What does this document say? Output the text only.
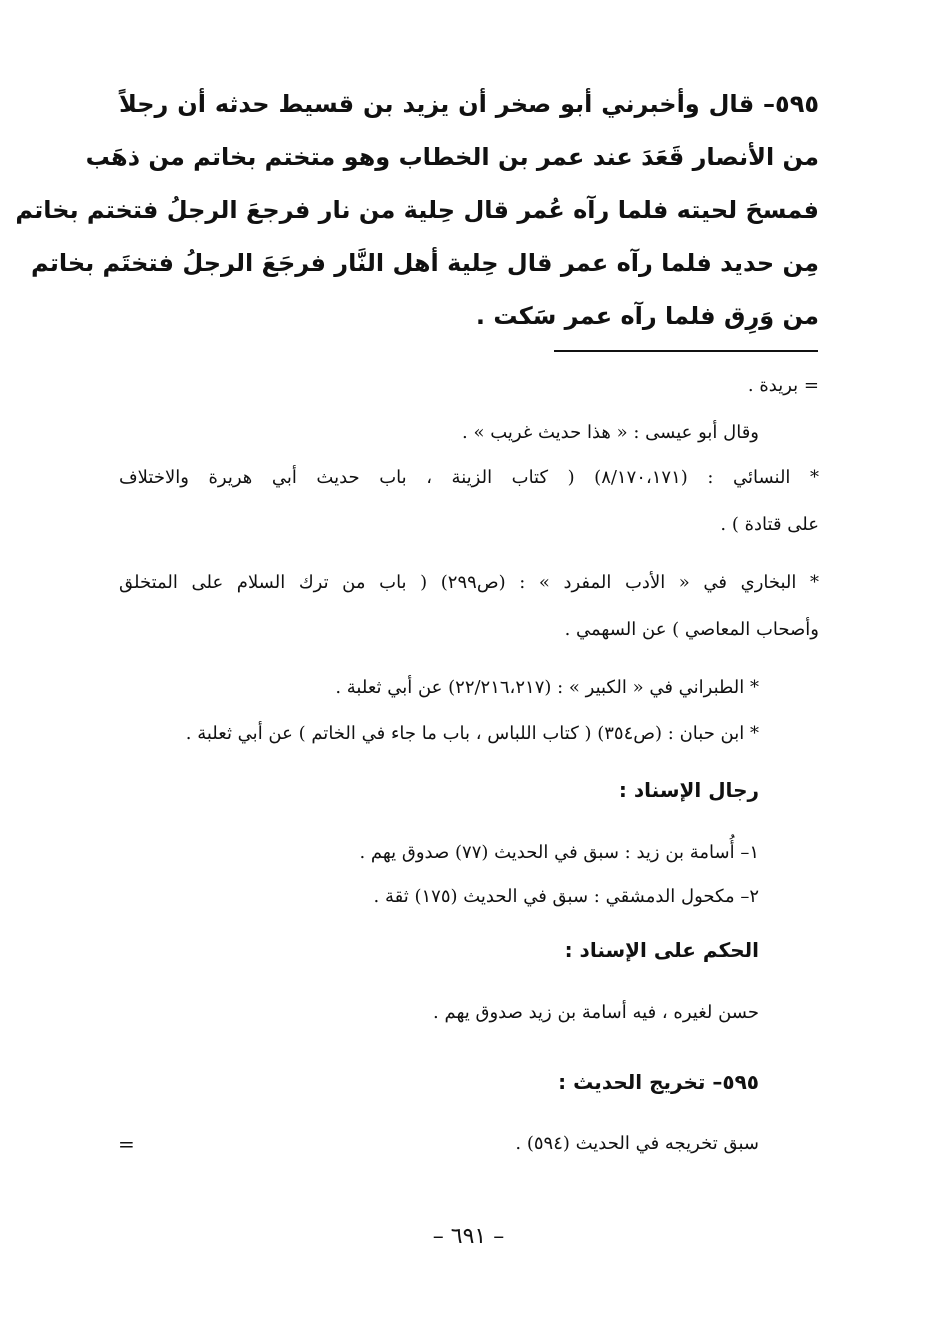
٥٩٥– قال وأخبرني أبو صخر أن يزيد بن قسيط حدثه أن رجلاً
من الأنصار قَعَدَ عند عمر بن الخطاب وهو متختم بخاتم من ذهَب
فمسحَ لحيته فلما رآه عُمر قال حِلية من نار فرجعَ الرجلُ فتختم بخاتم
مِن حديد فلما رآه عمر قال حِلية أهل النَّار فرجَعَ الرجلُ فتختَم بخاتم
من وَرِق فلما رآه عمر سَكت .
= بريدة .
وقال أبو عيسى : « هذا حديث غريب » .
* النسائي : (٨/١٧٠،١٧١) ( كتاب الزينة ، باب حديث أبي هريرة والاختلاف
على قتادة ) .
* البخاري في « الأدب المفرد » : (ص٢٩٩) ( باب من ترك السلام على المتخلق
وأصحاب المعاصي ) عن السهمي .
* الطبراني في « الكبير » : (٢٢/٢١٦،٢١٧) عن أبي ثعلبة .
* ابن حبان : (ص٣٥٤) ( كتاب اللباس ، باب ما جاء في الخاتم ) عن أبي ثعلبة .
رجال الإسناد :
١– أُسامة بن زيد : سبق في الحديث (٧٧) صدوق يهم .
٢– مكحول الدمشقي : سبق في الحديث (١٧٥) ثقة .
الحكم على الإسناد :
حسن لغيره ، فيه أسامة بن زيد صدوق يهم .
٥٩٥– تخريج الحديث :
سبق تخريجه في الحديث (٥٩٤) .
=
– ٦٩١ –
